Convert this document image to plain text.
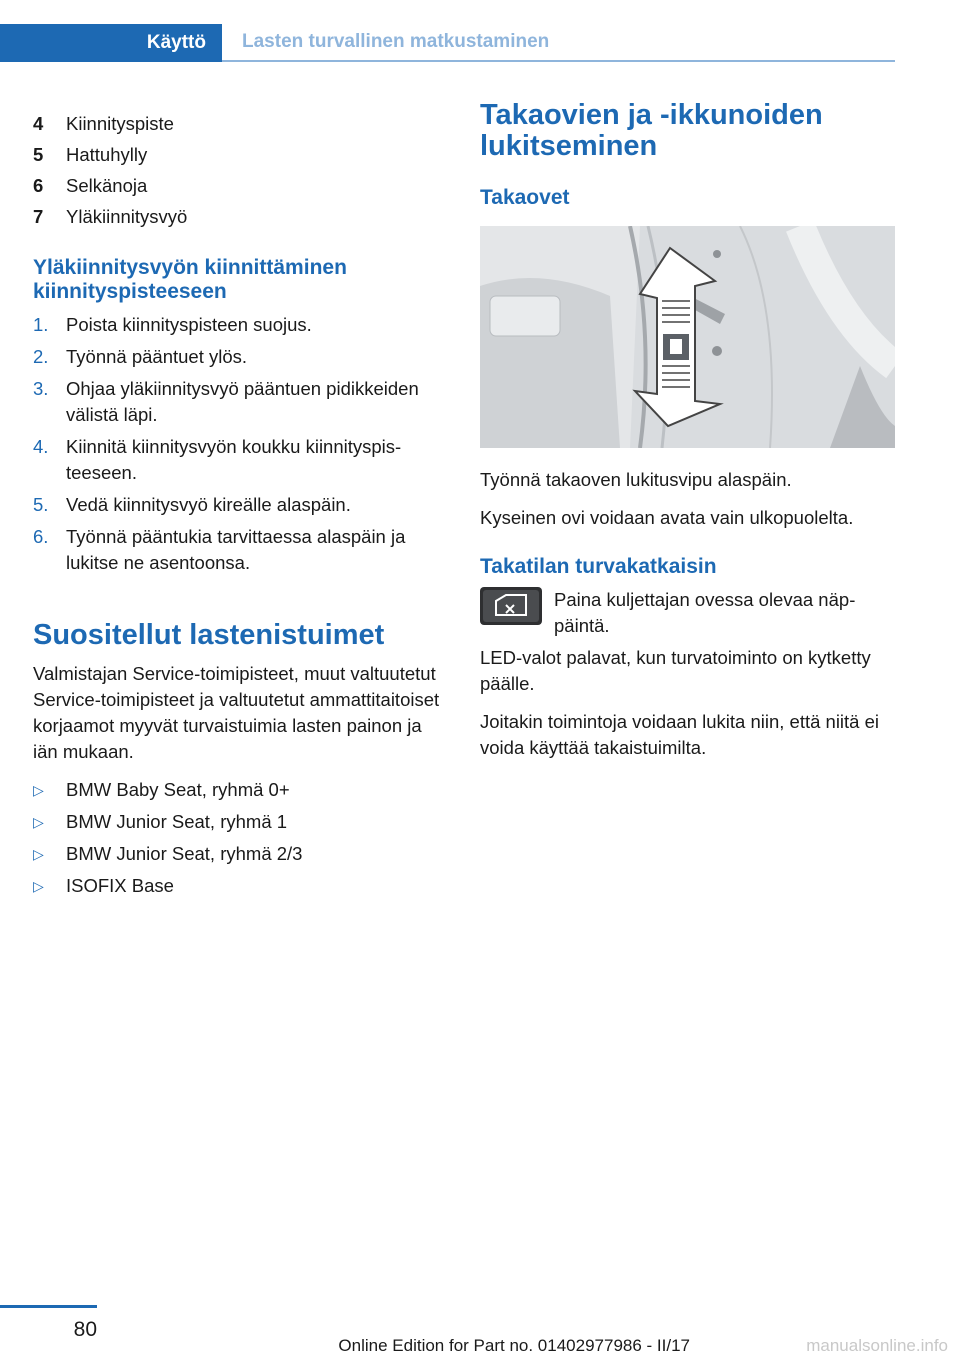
Käyttö	Lasten turvallinen matkustaminen
4	Kiinnityspiste
5	Hattuhylly
6	Selkänoja
7	Yläkiinnitysvyö
Yläkiinnitysvyön kiinnittäminen kiinnityspisteeseen
1. Poista kiinnityspisteen suojus.
2. Työnnä pääntuet ylös.
3. Ohjaa yläkiinnitysvyö pääntuen pidikkeiden välistä läpi.
4. Kiinnitä kiinnitysvyön koukku kiinnityspisteeseen.
5. Vedä kiinnitysvyö kireälle alaspäin.
6. Työnnä pääntukia tarvittaessa alaspäin ja lukitse ne asentoonsa.
Suositellut lastenistuimet

Valmistajan Service-toimipisteet, muut valtuutetut Service-toimipisteet ja valtuutetut ammattitaitoiset korjaamot myyvät turvaistuimia lasten painon ja iän mukaan.

▷	BMW Baby Seat, ryhmä 0+
▷	BMW Junior Seat, ryhmä 1
▷	BMW Junior Seat, ryhmä 2/3
▷	ISOFIX Base
Takaovien ja -ikkunoiden lukitseminen
Takaovet

Työnnä takaoven lukitusvipu alaspäin.

Kyseinen ovi voidaan avata vain ulkopuolelta.

Takatilan turvakatkaisin
Paina kuljettajan ovessa olevaa näppäintä.

LED-valot palavat, kun turvatoiminto on kytketty päälle.

Joitakin toimintoja voidaan lukita niin, että niitä ei voida käyttää takaistuimilta.

80
Online Edition for Part no. 01402977986 - II/17	manualsonline.info
